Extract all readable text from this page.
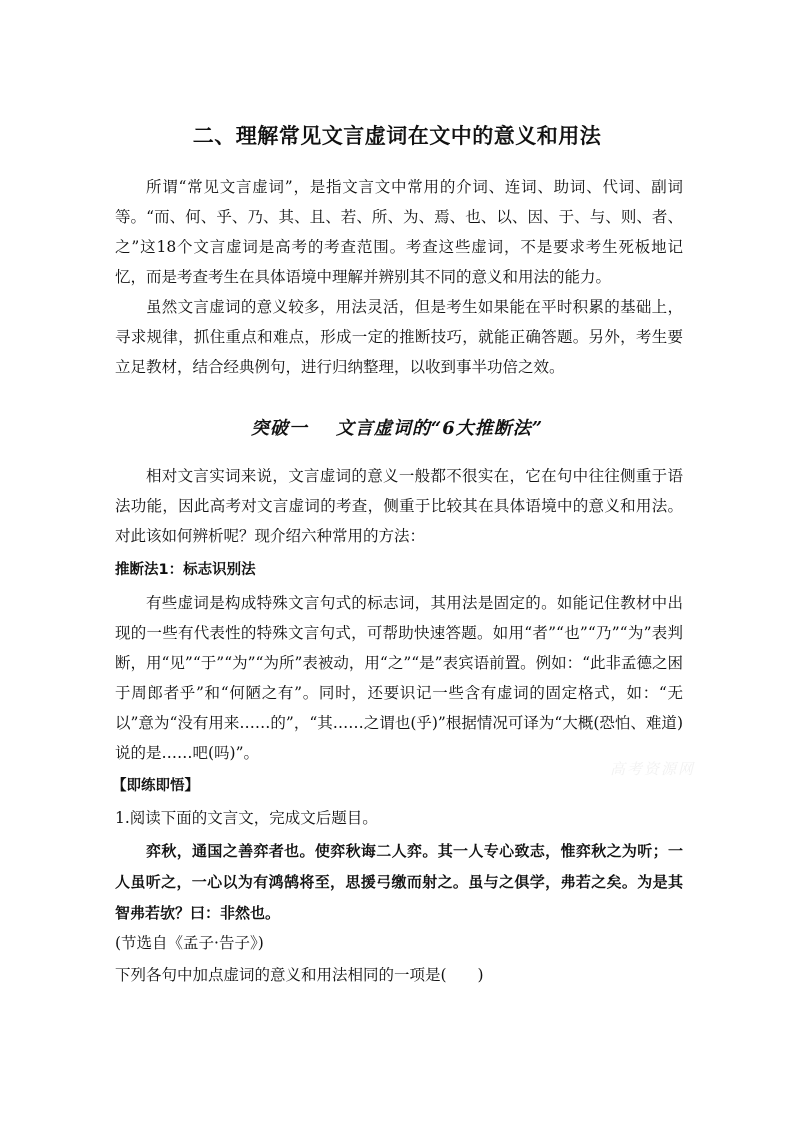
二、理解常见文言虚词在文中的意义和用法

所谓“常见文言虚词”，是指文言文中常用的介词、连词、助词、代词、副词等。“而、何、乎、乃、其、且、若、所、为、焉、也、以、因、于、与、则、者、之”这18个文言虚词是高考的考查范围。考查这些虚词，不是要求考生死板地记忆，而是考查考生在具体语境中理解并辨别其不同的意义和用法的能力。

虽然文言虚词的意义较多，用法灵活，但是考生如果能在平时积累的基础上，寻求规律，抓住重点和难点，形成一定的推断技巧，就能正确答题。另外，考生要立足教材，结合经典例句，进行归纳整理，以收到事半功倍之效。

突破一 文言虚词的“6大推断法”

相对文言实词来说，文言虚词的意义一般都不很实在，它在句中往往侧重于语法功能，因此高考对文言虚词的考查，侧重于比较其在具体语境中的意义和用法。对此该如何辨析呢？现介绍六种常用的方法：

推断法1：标志识别法

有些虚词是构成特殊文言句式的标志词，其用法是固定的。如能记住教材中出现的一些有代表性的特殊文言句式，可帮助快速答题。如用“者”“也”“乃”“为”表判断，用“见”“于”“为”“为所”表被动，用“之”“是”表宾语前置。例如：“此非孟德之困于周郎者乎”和“何陋之有”。同时，还要识记一些含有虚词的固定格式，如：“无以”意为“没有用来……的”，“其……之谓也(乎)”根据情况可译为“大概(恐怕、难道)说的是……吧(吗)”。

【即练即悟】

1.阅读下面的文言文，完成文后题目。

弈秋，通国之善弈者也。使弈秋诲二人弈。其一人专心致志，惟弈秋之为听；一人虽听之，一心以为有鸿鹄将至，思援弓缴而射之。虽与之俱学，弗若之矣。为是其智弗若欤？曰：非然也。

(节选自《孟子·告子》)

下列各句中加点虚词的意义和用法相同的一项是(　　)

高考资源网
